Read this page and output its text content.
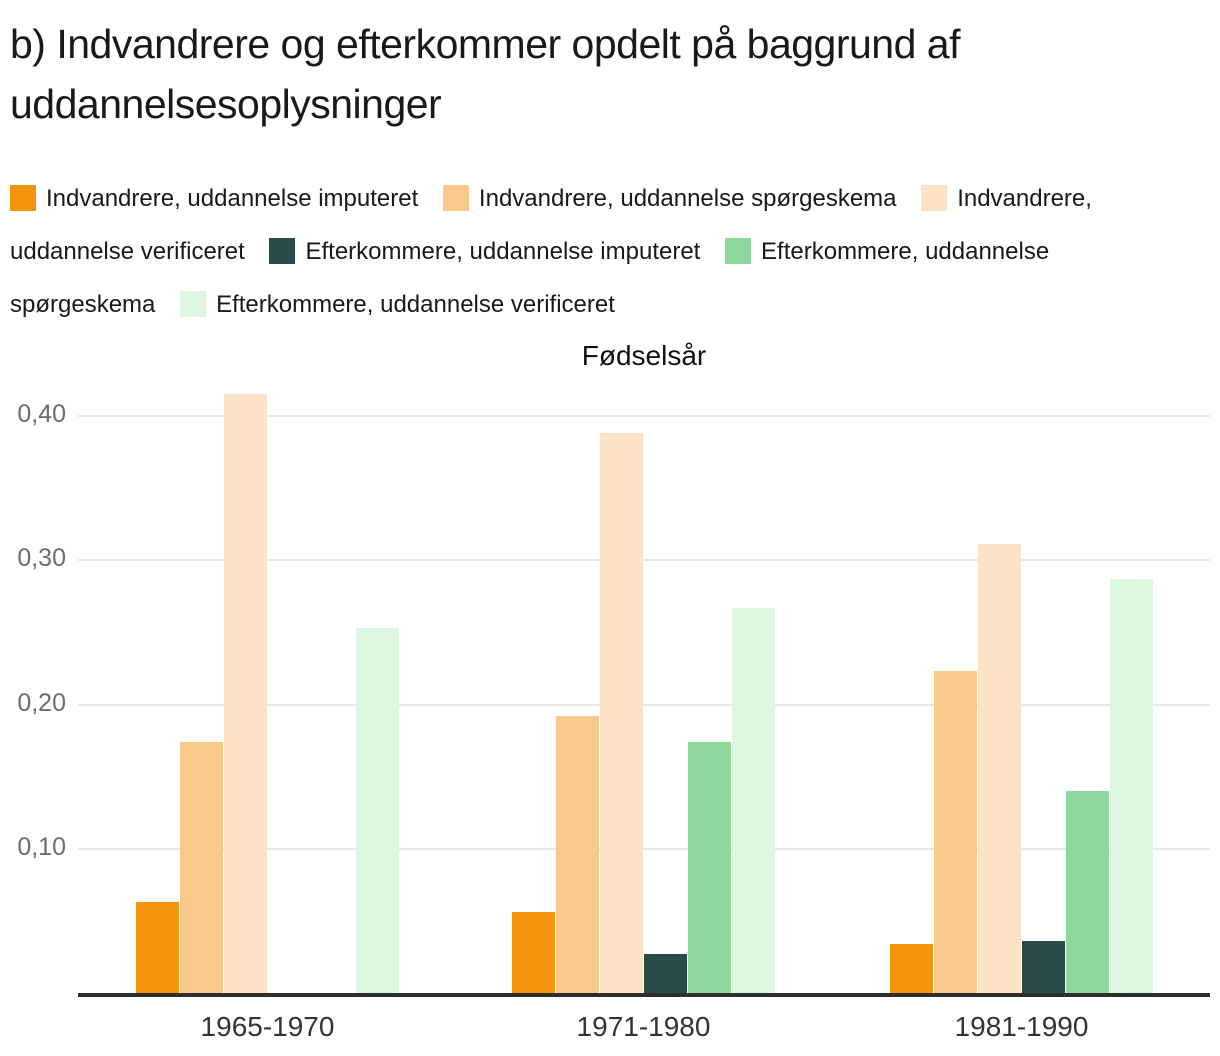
b) Indvandrere og efterkommer opdelt på baggrund af uddannelsesoplysninger
Indvandrere, uddannelse imputeret	Indvandrere, uddannelse spørgeskema	Indvandrere, uddannelse verificeret	Efterkommere, uddannelse imputeret	Efterkommere, uddannelse spørgeskema	Efterkommere, uddannelse verificeret
Fødselsår
0,10
0,20
0,30
0,40
1965-1970	1971-1980	1981-1990
